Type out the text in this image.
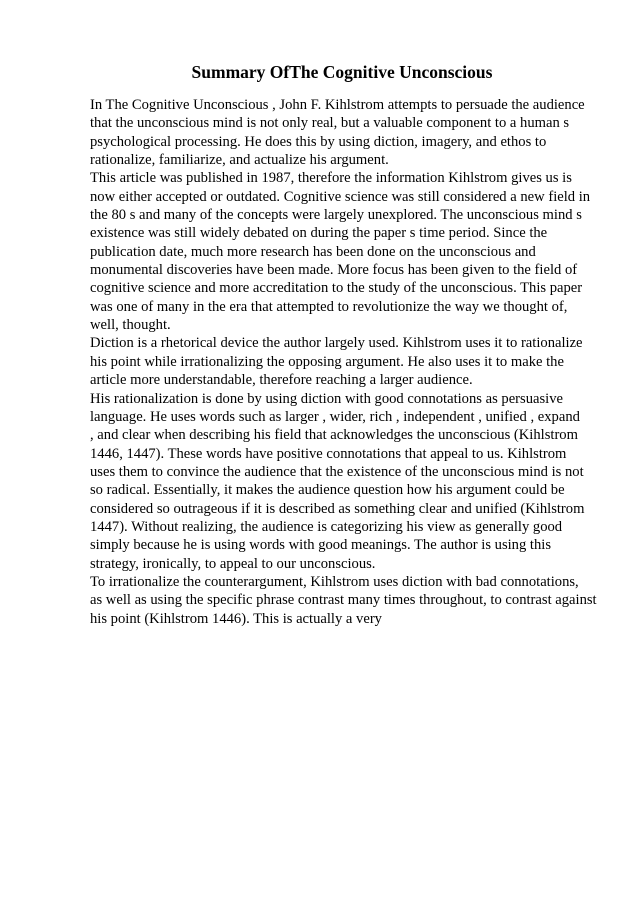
Summary OfThe Cognitive Unconscious
In The Cognitive Unconscious , John F. Kihlstrom attempts to persuade the audience
that the unconscious mind is not only real, but a valuable component to a human s
psychological processing. He does this by using diction, imagery, and ethos to
rationalize, familiarize, and actualize his argument.
This article was published in 1987, therefore the information Kihlstrom gives us is
now either accepted or outdated. Cognitive science was still considered a new field in
the 80 s and many of the concepts were largely unexplored. The unconscious mind s
existence was still widely debated on during the paper s time period. Since the
publication date, much more research has been done on the unconscious and
monumental discoveries have been made. More focus has been given to the field of
cognitive science and more accreditation to the study of the unconscious. This paper
was one of many in the era that attempted to revolutionize the way we thought of,
well, thought.
Diction is a rhetorical device the author largely used. Kihlstrom uses it to rationalize
his point while irrationalizing the opposing argument. He also uses it to make the
article more understandable, therefore reaching a larger audience.
His rationalization is done by using diction with good connotations as persuasive
language. He uses words such as larger , wider, rich , independent , unified , expand
, and clear when describing his field that acknowledges the unconscious (Kihlstrom
1446, 1447). These words have positive connotations that appeal to us. Kihlstrom
uses them to convince the audience that the existence of the unconscious mind is not
so radical. Essentially, it makes the audience question how his argument could be
considered so outrageous if it is described as something clear and unified (Kihlstrom
1447). Without realizing, the audience is categorizing his view as generally good
simply because he is using words with good meanings. The author is using this
strategy, ironically, to appeal to our unconscious.
To irrationalize the counterargument, Kihlstrom uses diction with bad connotations,
as well as using the specific phrase contrast many times throughout, to contrast against
his point (Kihlstrom 1446). This is actually a very
